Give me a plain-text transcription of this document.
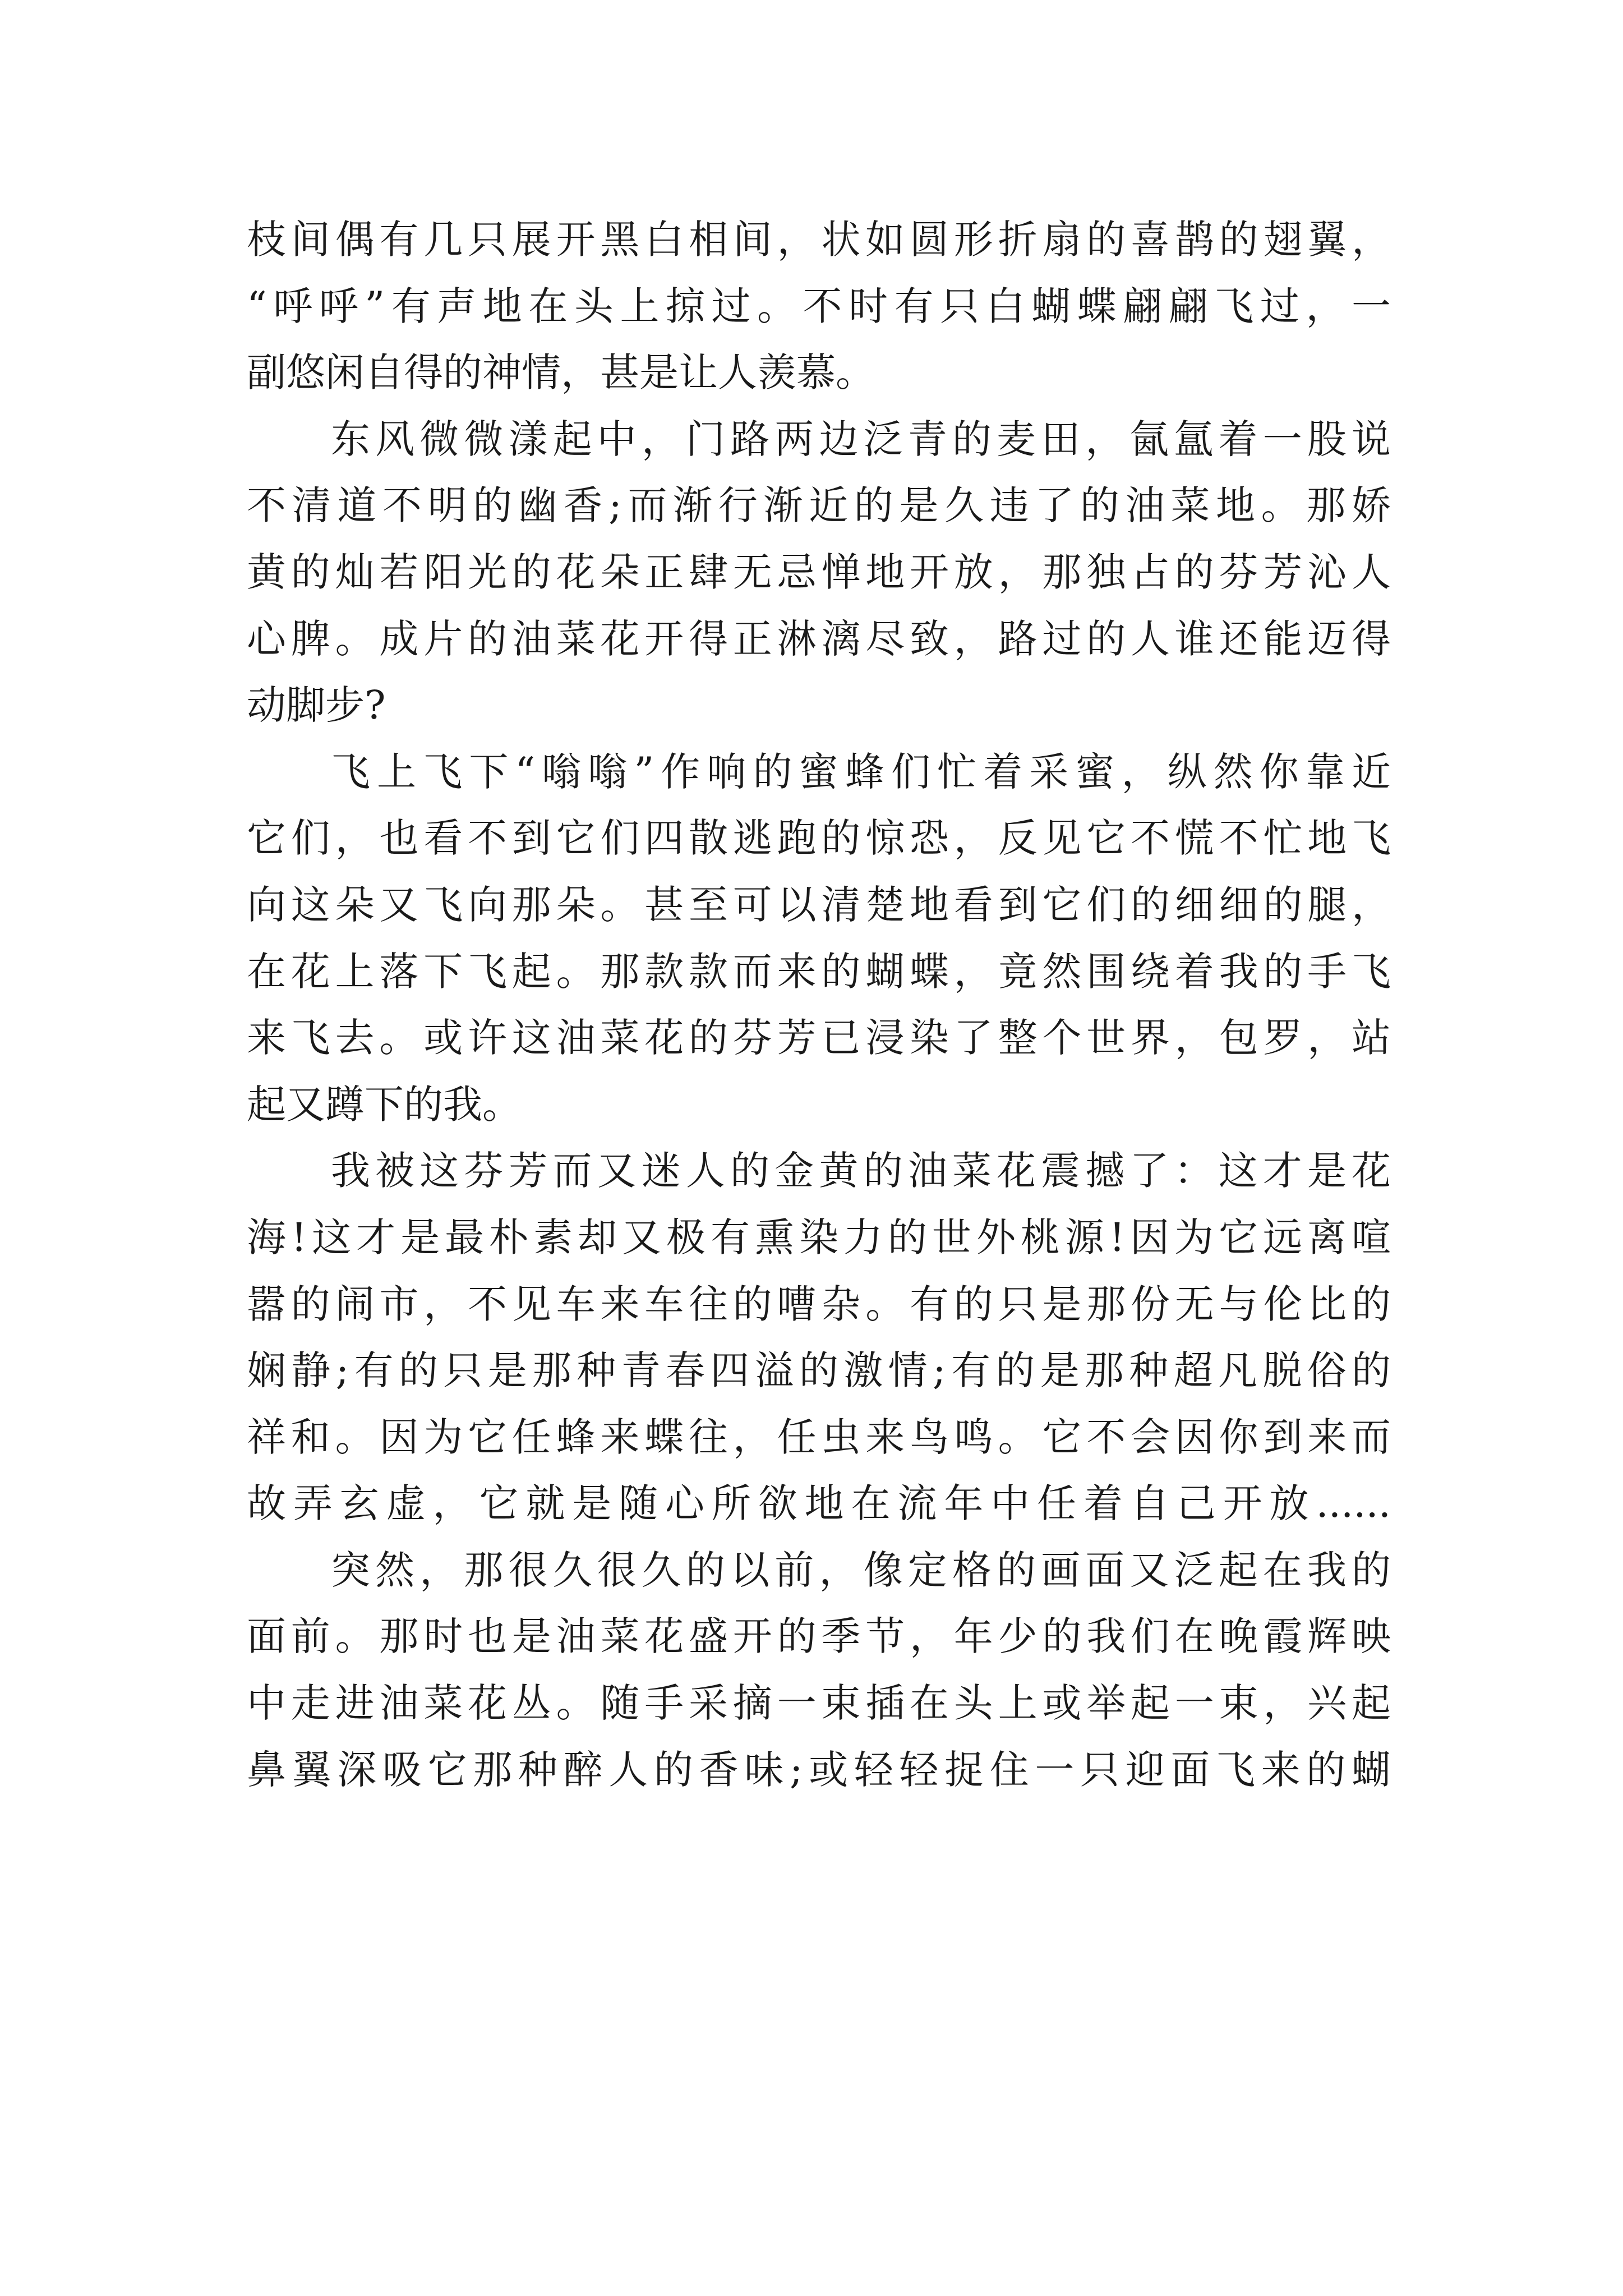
枝间偶有几只展开黑白相间，状如圆形折扇的喜鹊的翅翼，
“呼呼”有声地在头上掠过。不时有只白蝴蝶翩翩飞过，一
副悠闲自得的神情，甚是让人羡慕。
东风微微漾起中，门路两边泛青的麦田，氤氲着一股说
不清道不明的幽香;而渐行渐近的是久违了的油菜地。那娇
黄的灿若阳光的花朵正肆无忌惮地开放，那独占的芬芳沁人
心脾。成片的油菜花开得正淋漓尽致，路过的人谁还能迈得
动脚步?
飞上飞下“嗡嗡”作响的蜜蜂们忙着采蜜，纵然你靠近
它们，也看不到它们四散逃跑的惊恐，反见它不慌不忙地飞
向这朵又飞向那朵。甚至可以清楚地看到它们的细细的腿，
在花上落下飞起。那款款而来的蝴蝶，竟然围绕着我的手飞
来飞去。或许这油菜花的芬芳已浸染了整个世界，包罗，站
起又蹲下的我。
我被这芬芳而又迷人的金黄的油菜花震撼了：这才是花
海!这才是最朴素却又极有熏染力的世外桃源!因为它远离喧
嚣的闹市，不见车来车往的嘈杂。有的只是那份无与伦比的
娴静;有的只是那种青春四溢的激情;有的是那种超凡脱俗的
祥和。因为它任蜂来蝶往，任虫来鸟鸣。它不会因你到来而
故弄玄虚，它就是随心所欲地在流年中任着自己开放......
突然，那很久很久的以前，像定格的画面又泛起在我的
面前。那时也是油菜花盛开的季节，年少的我们在晚霞辉映
中走进油菜花丛。随手采摘一束插在头上或举起一束，兴起
鼻翼深吸它那种醉人的香味;或轻轻捉住一只迎面飞来的蝴
